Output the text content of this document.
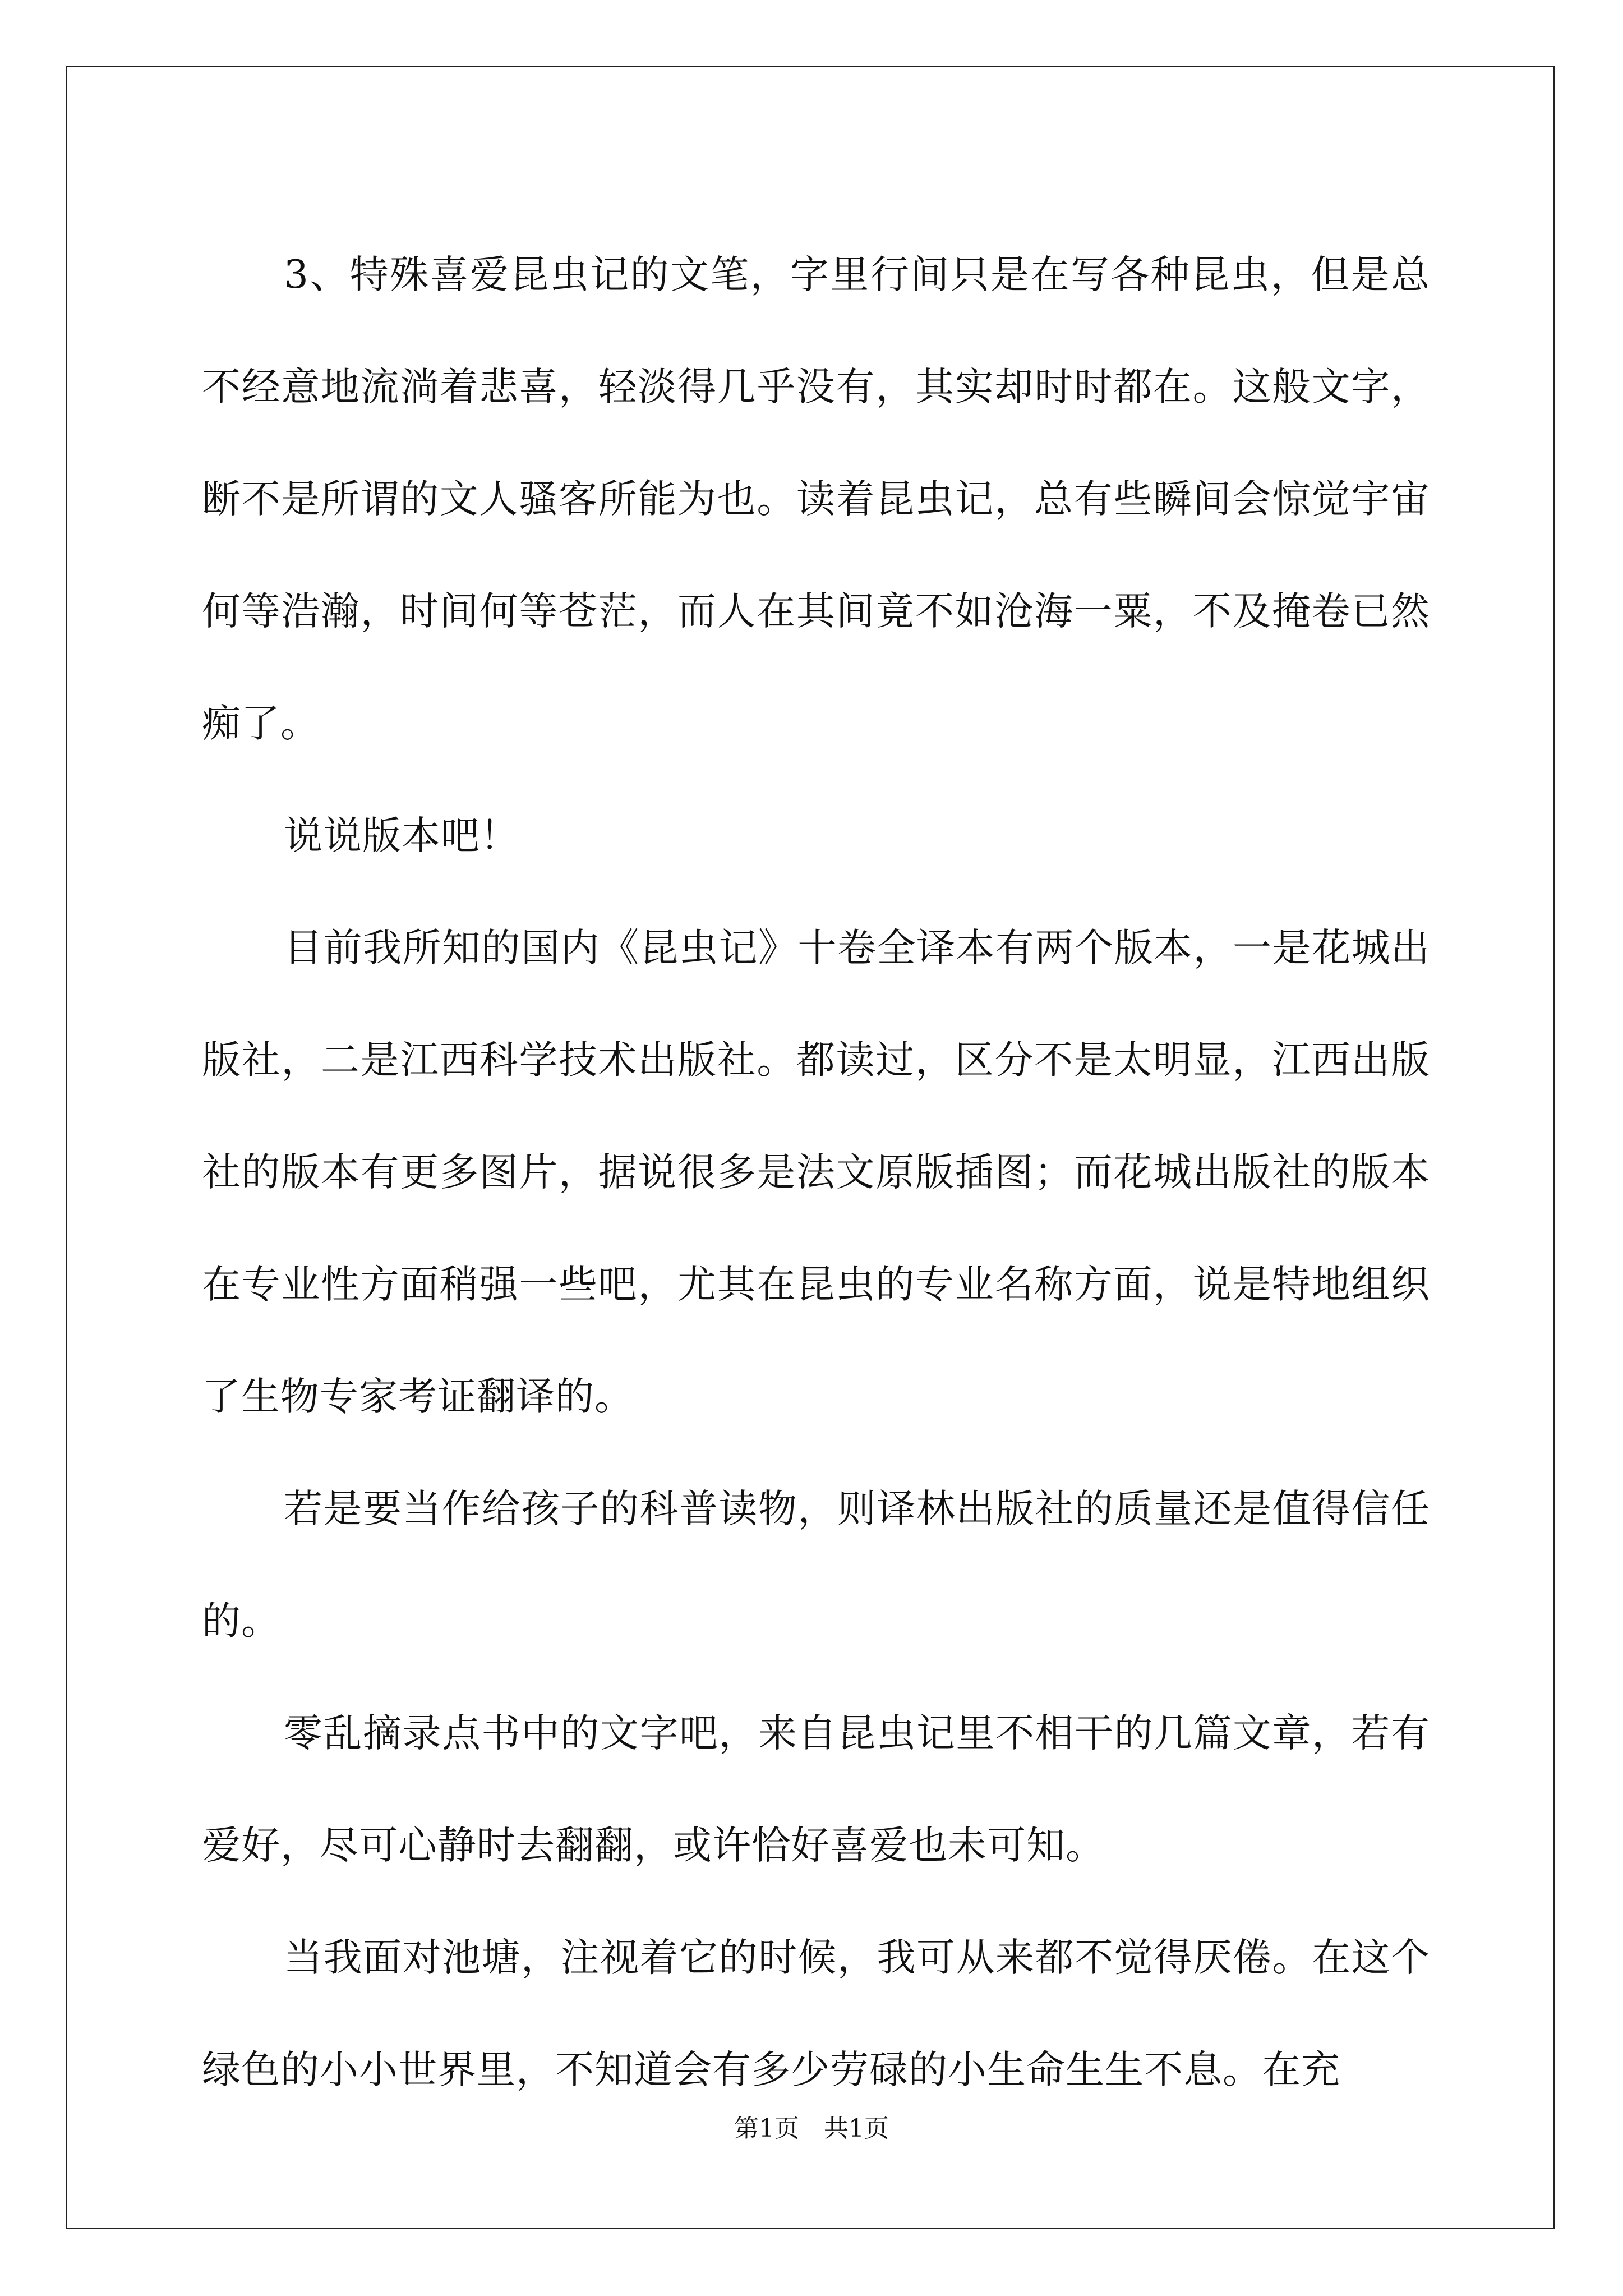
3、特殊喜爱昆虫记的文笔，字里行间只是在写各种昆虫，但是总不经意地流淌着悲喜，轻淡得几乎没有，其实却时时都在。这般文字，断不是所谓的文人骚客所能为也。读着昆虫记，总有些瞬间会惊觉宇宙何等浩瀚，时间何等苍茫，而人在其间竟不如沧海一粟，不及掩卷已然痴了。

说说版本吧！

目前我所知的国内《昆虫记》十卷全译本有两个版本，一是花城出版社，二是江西科学技术出版社。都读过，区分不是太明显，江西出版社的版本有更多图片，据说很多是法文原版插图；而花城出版社的版本在专业性方面稍强一些吧，尤其在昆虫的专业名称方面，说是特地组织了生物专家考证翻译的。

若是要当作给孩子的科普读物，则译林出版社的质量还是值得信任的。

零乱摘录点书中的文字吧，来自昆虫记里不相干的几篇文章，若有爱好，尽可心静时去翻翻，或许恰好喜爱也未可知。

当我面对池塘，注视着它的时候，我可从来都不觉得厌倦。在这个绿色的小小世界里，不知道会有多少劳碌的小生命生生不息。在充

第1页　共1页
